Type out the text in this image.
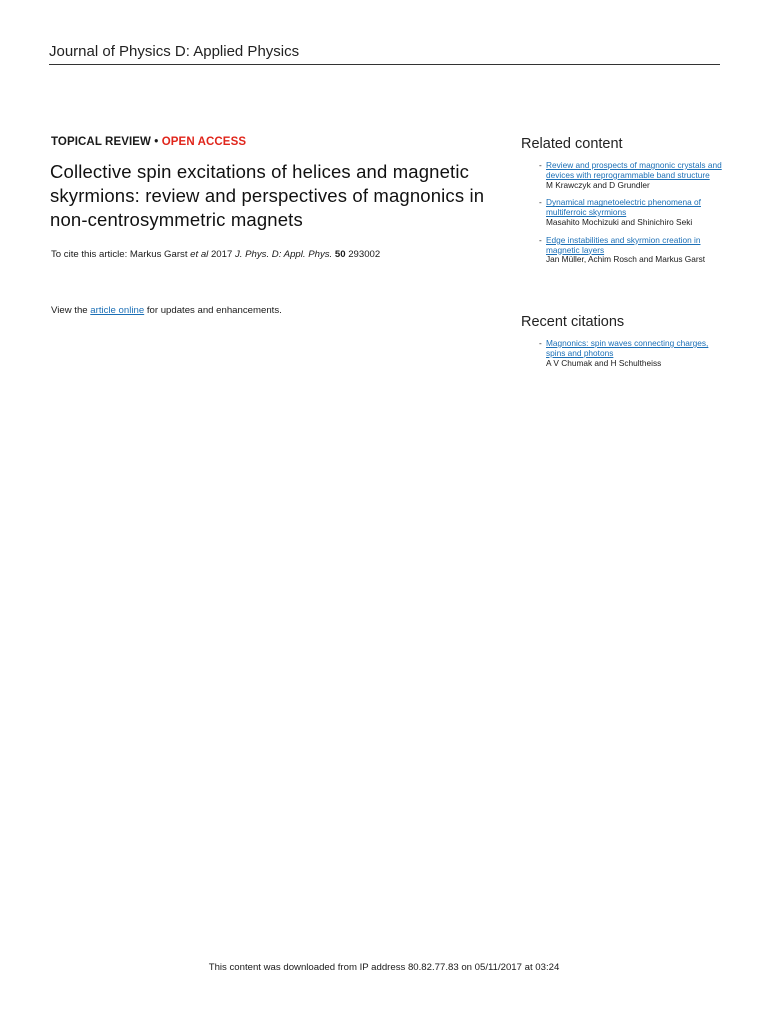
Journal of Physics D: Applied Physics
TOPICAL REVIEW • OPEN ACCESS
Collective spin excitations of helices and magnetic skyrmions: review and perspectives of magnonics in non-centrosymmetric magnets
To cite this article: Markus Garst et al 2017 J. Phys. D: Appl. Phys. 50 293002
View the article online for updates and enhancements.
Related content
- Review and prospects of magnonic crystals and devices with reprogrammable band structure
M Krawczyk and D Grundler
- Dynamical magnetoelectric phenomena of multiferroic skyrmions
Masahito Mochizuki and Shinichiro Seki
- Edge instabilities and skyrmion creation in magnetic layers
Jan Müller, Achim Rosch and Markus Garst
Recent citations
- Magnonics: spin waves connecting charges, spins and photons
A V Chumak and H Schultheiss
This content was downloaded from IP address 80.82.77.83 on 05/11/2017 at 03:24
